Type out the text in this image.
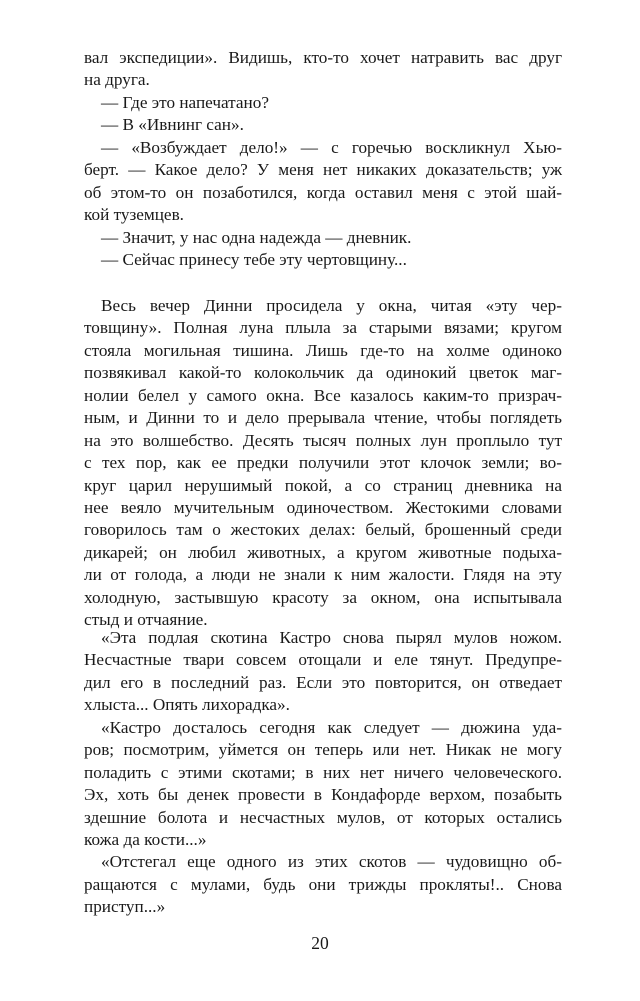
вал экспедиции». Видишь, кто-то хочет натравить вас друг
на друга.
— Где это напечатано?
— В «Ивнинг сан».
— «Возбуждает дело!» — с горечью воскликнул Хью-
берт. — Какое дело? У меня нет никаких доказательств; уж
об этом-то он позаботился, когда оставил меня с этой шай-
кой туземцев.
— Значит, у нас одна надежда — дневник.
— Сейчас принесу тебе эту чертовщину...
Весь вечер Динни просидела у окна, читая «эту чер-
товщину». Полная луна плыла за старыми вязами; кругом
стояла могильная тишина. Лишь где-то на холме одиноко
позвякивал какой-то колокольчик да одинокий цветок маг-
нолии белел у самого окна. Все казалось каким-то призрач-
ным, и Динни то и дело прерывала чтение, чтобы поглядеть
на это волшебство. Десять тысяч полных лун проплыло тут
с тех пор, как ее предки получили этот клочок земли; во-
круг царил нерушимый покой, а со страниц дневника на
нее веяло мучительным одиночеством. Жестокими словами
говорилось там о жестоких делах: белый, брошенный среди
дикарей; он любил животных, а кругом животные подыха-
ли от голода, а люди не знали к ним жалости. Глядя на эту
холодную, застывшую красоту за окном, она испытывала
стыд и отчаяние.
«Эта подлая скотина Кастро снова пырял мулов ножом.
Несчастные твари совсем отощали и еле тянут. Предупре-
дил его в последний раз. Если это повторится, он отведает
хлыста... Опять лихорадка».
«Кастро досталось сегодня как следует — дюжина уда-
ров; посмотрим, уймется он теперь или нет. Никак не могу
поладить с этими скотами; в них нет ничего человеческого.
Эх, хоть бы денек провести в Кондафорде верхом, позабыть
здешние болота и несчастных мулов, от которых остались
кожа да кости...»
«Отстегал еще одного из этих скотов — чудовищно об-
ращаются с мулами, будь они трижды прокляты!.. Снова
приступ...»
20
